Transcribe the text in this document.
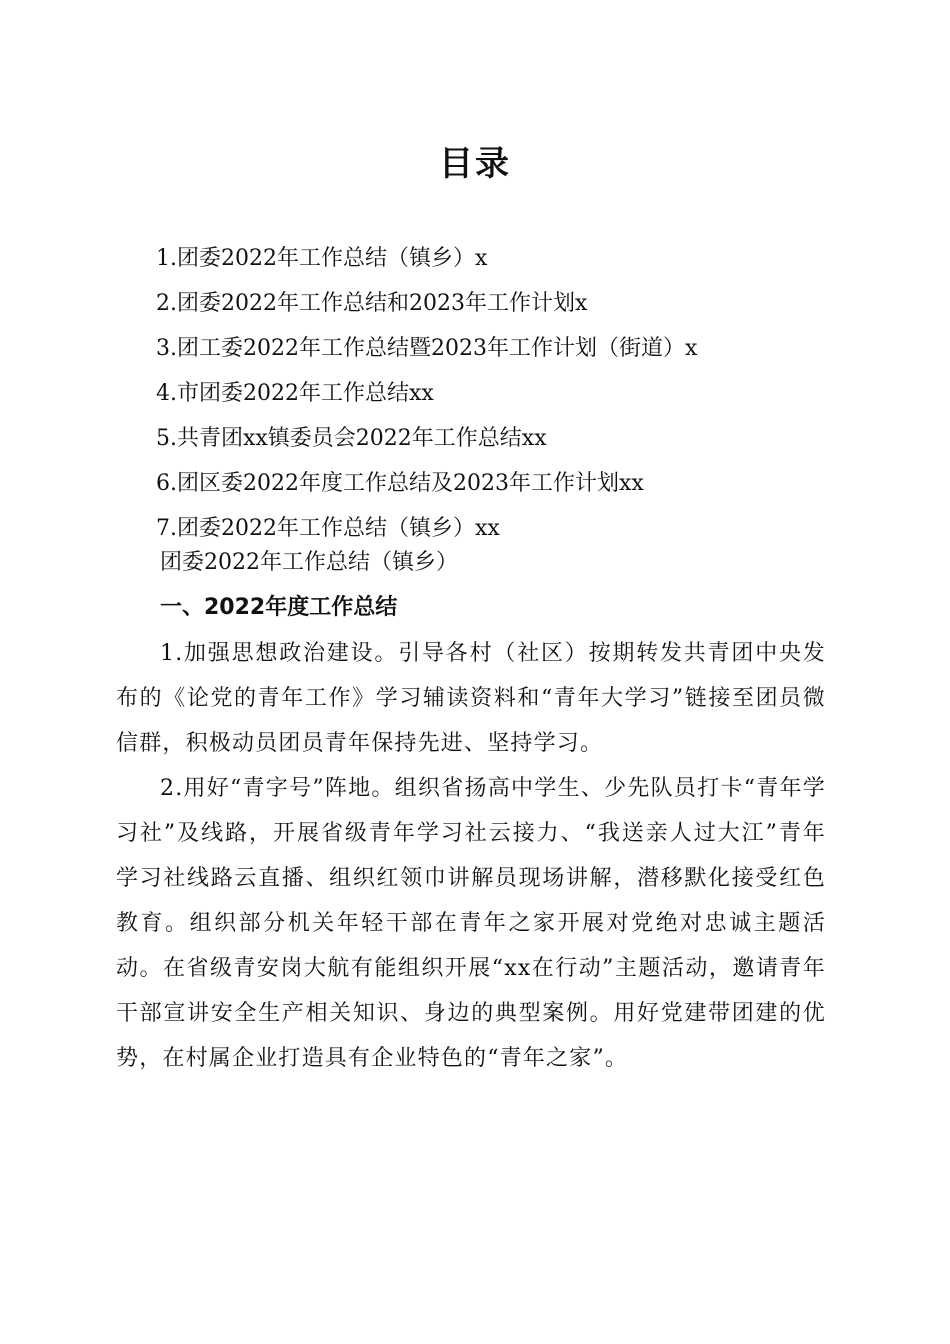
目录
1.团委2022年工作总结（镇乡）x
2.团委2022年工作总结和2023年工作计划x
3.团工委2022年工作总结暨2023年工作计划（街道）x
4.市团委2022年工作总结xx
5.共青团xx镇委员会2022年工作总结xx
6.团区委2022年度工作总结及2023年工作计划xx
7.团委2022年工作总结（镇乡）xx
团委2022年工作总结（镇乡）
一、2022年度工作总结

1.加强思想政治建设。引导各村（社区）按期转发共青团中央发布的《论党的青年工作》学习辅读资料和“青年大学习”链接至团员微信群，积极动员团员青年保持先进、坚持学习。

2.用好“青字号”阵地。组织省扬高中学生、少先队员打卡“青年学习社”及线路，开展省级青年学习社云接力、“我送亲人过大江”青年学习社线路云直播、组织红领巾讲解员现场讲解，潜移默化接受红色教育。组织部分机关年轻干部在青年之家开展对党绝对忠诚主题活动。在省级青安岗大航有能组织开展“xx在行动”主题活动，邀请青年干部宣讲安全生产相关知识、身边的典型案例。用好党建带团建的优势，在村属企业打造具有企业特色的“青年之家”。
